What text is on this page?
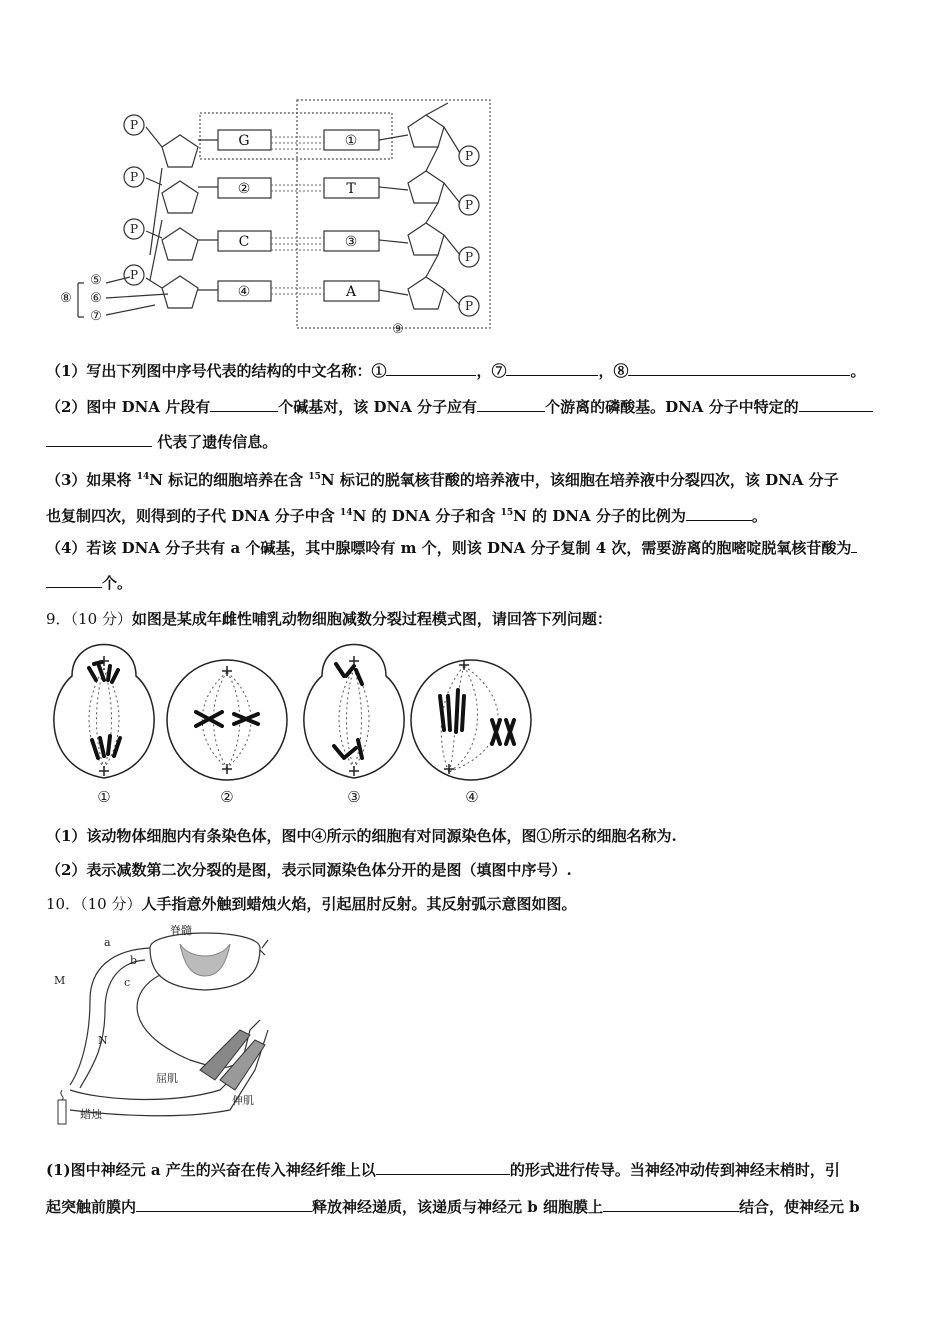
P
P
P
P
P
P
P
P
G
②
C
④
①
T
③
A
⑤
⑥
⑦
⑧
⑨
（1）写出下列图中序号代表的结构的中文名称：①	，⑦	，⑧	。
（2）图中 DNA 片段有	个碱基对，该 DNA 分子应有	个游离的磷酸基。DNA 分子中特定的
代表了遗传信息。
（3）如果将 $^{14}$N 标记的细胞培养在含 $^{15}$N 标记的脱氧核苷酸的培养液中，该细胞在培养液中分裂四次，该 DNA 分子
也复制四次，则得到的子代 DNA 分子中含 $^{14}$N 的 DNA 分子和含 $^{15}$N 的 DNA 分子的比例为	。
（4）若该 DNA 分子共有 a 个碱基，其中腺嘌呤有 m 个，则该 DNA 分子复制 4 次，需要游离的胞嘧啶脱氧核苷酸为
个。
9．（10 分）如图是某成年雌性哺乳动物细胞减数分裂过程模式图，请回答下列问题：
①	②	③	④
（1）该动物体细胞内有条染色体，图中④所示的细胞有对同源染色体，图①所示的细胞名称为.
（2）表示减数第二次分裂的是图，表示同源染色体分开的是图（填图中序号）.
10．（10 分）人手指意外触到蜡烛火焰，引起屈肘反射。其反射弧示意图如图。
脊髓
a
b
c
M
N
屈肌
伸肌
蜡烛
(1)图中神经元 a 产生的兴奋在传入神经纤维上以	的形式进行传导。当神经冲动传到神经末梢时，引
起突触前膜内	释放神经递质，该递质与神经元 b 细胞膜上	结合，使神经元 b
